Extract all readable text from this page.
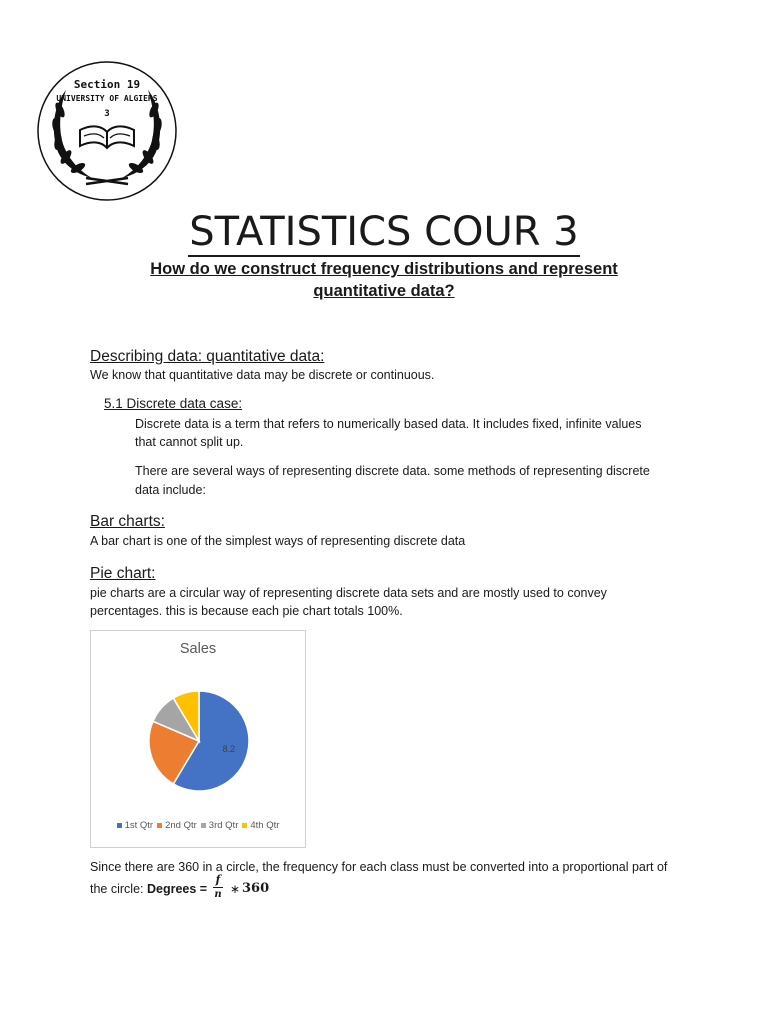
Section 19
UNIVERSITY OF ALGIERS
3
STATISTICS COUR 3
How do we construct frequency distributions and represent quantitative data?
Describing data: quantitative data:
We know that quantitative data may be discrete or continuous.
5.1 Discrete data case:
Discrete data is a term that refers to numerically based data. It includes fixed, infinite values
that cannot split up.
There are several ways of representing discrete data. some methods of representing discrete
data include:
Bar charts:
A bar chart is one of the simplest ways of representing discrete data
Pie chart:
pie charts are a circular way of representing discrete data sets and are mostly used to convey
percentages. this is because each pie chart totals 100%.
Sales
8.2
1st Qtr 2nd Qtr 3rd Qtr 4th Qtr
Since there are 360 in a circle, the frequency for each class must be converted into a proportional part of
the circle: Degrees =
f
n ∗ 360
